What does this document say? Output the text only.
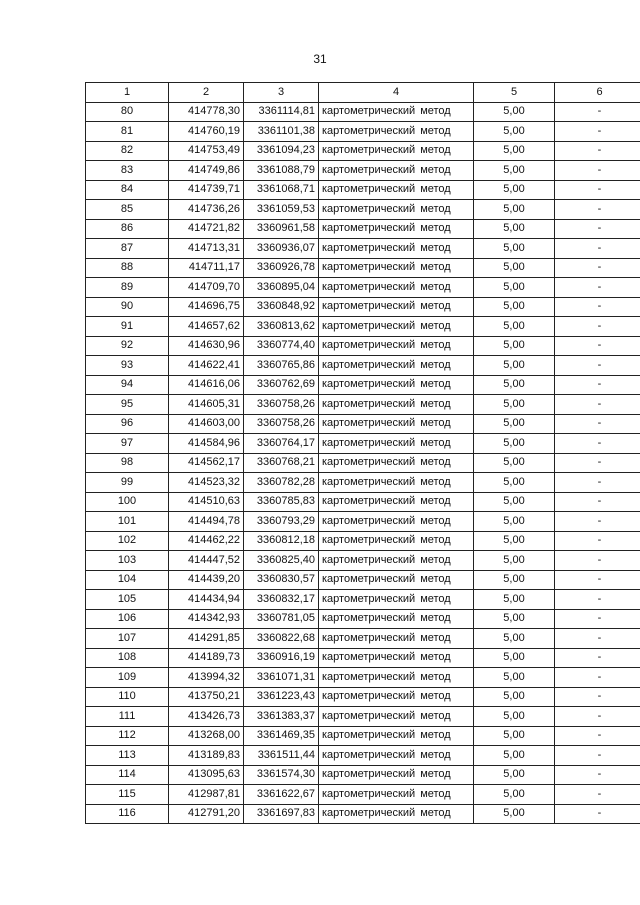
31
1	2	3	4	5	6
80	414778,30	3361114,81	картометрический метод	5,00	-
81	414760,19	3361101,38	картометрический метод	5,00	-
82	414753,49	3361094,23	картометрический метод	5,00	-
83	414749,86	3361088,79	картометрический метод	5,00	-
84	414739,71	3361068,71	картометрический метод	5,00	-
85	414736,26	3361059,53	картометрический метод	5,00	-
86	414721,82	3360961,58	картометрический метод	5,00	-
87	414713,31	3360936,07	картометрический метод	5,00	-
88	414711,17	3360926,78	картометрический метод	5,00	-
89	414709,70	3360895,04	картометрический метод	5,00	-
90	414696,75	3360848,92	картометрический метод	5,00	-
91	414657,62	3360813,62	картометрический метод	5,00	-
92	414630,96	3360774,40	картометрический метод	5,00	-
93	414622,41	3360765,86	картометрический метод	5,00	-
94	414616,06	3360762,69	картометрический метод	5,00	-
95	414605,31	3360758,26	картометрический метод	5,00	-
96	414603,00	3360758,26	картометрический метод	5,00	-
97	414584,96	3360764,17	картометрический метод	5,00	-
98	414562,17	3360768,21	картометрический метод	5,00	-
99	414523,32	3360782,28	картометрический метод	5,00	-
100	414510,63	3360785,83	картометрический метод	5,00	-
101	414494,78	3360793,29	картометрический метод	5,00	-
102	414462,22	3360812,18	картометрический метод	5,00	-
103	414447,52	3360825,40	картометрический метод	5,00	-
104	414439,20	3360830,57	картометрический метод	5,00	-
105	414434,94	3360832,17	картометрический метод	5,00	-
106	414342,93	3360781,05	картометрический метод	5,00	-
107	414291,85	3360822,68	картометрический метод	5,00	-
108	414189,73	3360916,19	картометрический метод	5,00	-
109	413994,32	3361071,31	картометрический метод	5,00	-
110	413750,21	3361223,43	картометрический метод	5,00	-
111	413426,73	3361383,37	картометрический метод	5,00	-
112	413268,00	3361469,35	картометрический метод	5,00	-
113	413189,83	3361511,44	картометрический метод	5,00	-
114	413095,63	3361574,30	картометрический метод	5,00	-
115	412987,81	3361622,67	картометрический метод	5,00	-
116	412791,20	3361697,83	картометрический метод	5,00	-
